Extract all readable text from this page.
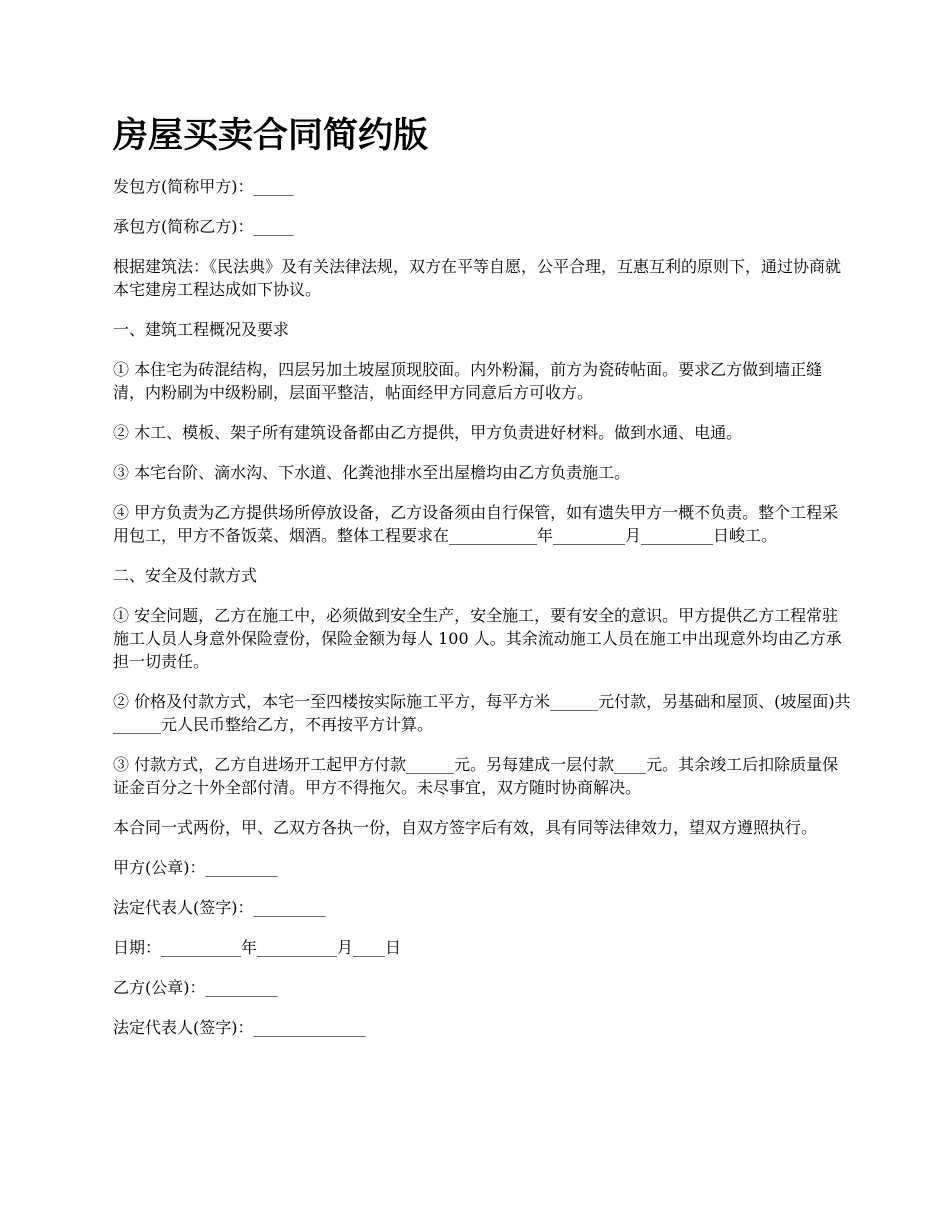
房屋买卖合同简约版

发包方(简称甲方)：_____

承包方(简称乙方)：_____

根据建筑法：《民法典》及有关法律法规，双方在平等自愿，公平合理，互惠互利的原则下，通过协商就本宅建房工程达成如下协议。

一、建筑工程概况及要求

① 本住宅为砖混结构，四层另加土坡屋顶现胶面。内外粉漏，前方为瓷砖帖面。要求乙方做到墙正缝清，内粉刷为中级粉刷，层面平整洁，帖面经甲方同意后方可收方。

② 木工、模板、架子所有建筑设备都由乙方提供，甲方负责进好材料。做到水通、电通。

③ 本宅台阶、滴水沟、下水道、化粪池排水至出屋檐均由乙方负责施工。

④ 甲方负责为乙方提供场所停放设备，乙方设备须由自行保管，如有遗失甲方一概不负责。整个工程采用包工，甲方不备饭菜、烟酒。整体工程要求在___________年_________月_________日峻工。

二、安全及付款方式

① 安全问题，乙方在施工中，必须做到安全生产，安全施工，要有安全的意识。甲方提供乙方工程常驻施工人员人身意外保险壹份，保险金额为每人 100 人。其余流动施工人员在施工中出现意外均由乙方承担一切责任。

② 价格及付款方式，本宅一至四楼按实际施工平方，每平方米______元付款，另基础和屋顶、(坡屋面)共______元人民币整给乙方，不再按平方计算。

③ 付款方式，乙方自进场开工起甲方付款______元。另每建成一层付款____元。其余竣工后扣除质量保证金百分之十外全部付清。甲方不得拖欠。未尽事宜，双方随时协商解决。

本合同一式两份，甲、乙双方各执一份，自双方签字后有效，具有同等法律效力，望双方遵照执行。

甲方(公章)：_________

法定代表人(签字)：_________

日期：__________年__________月____日

乙方(公章)：_________

法定代表人(签字)：______________
